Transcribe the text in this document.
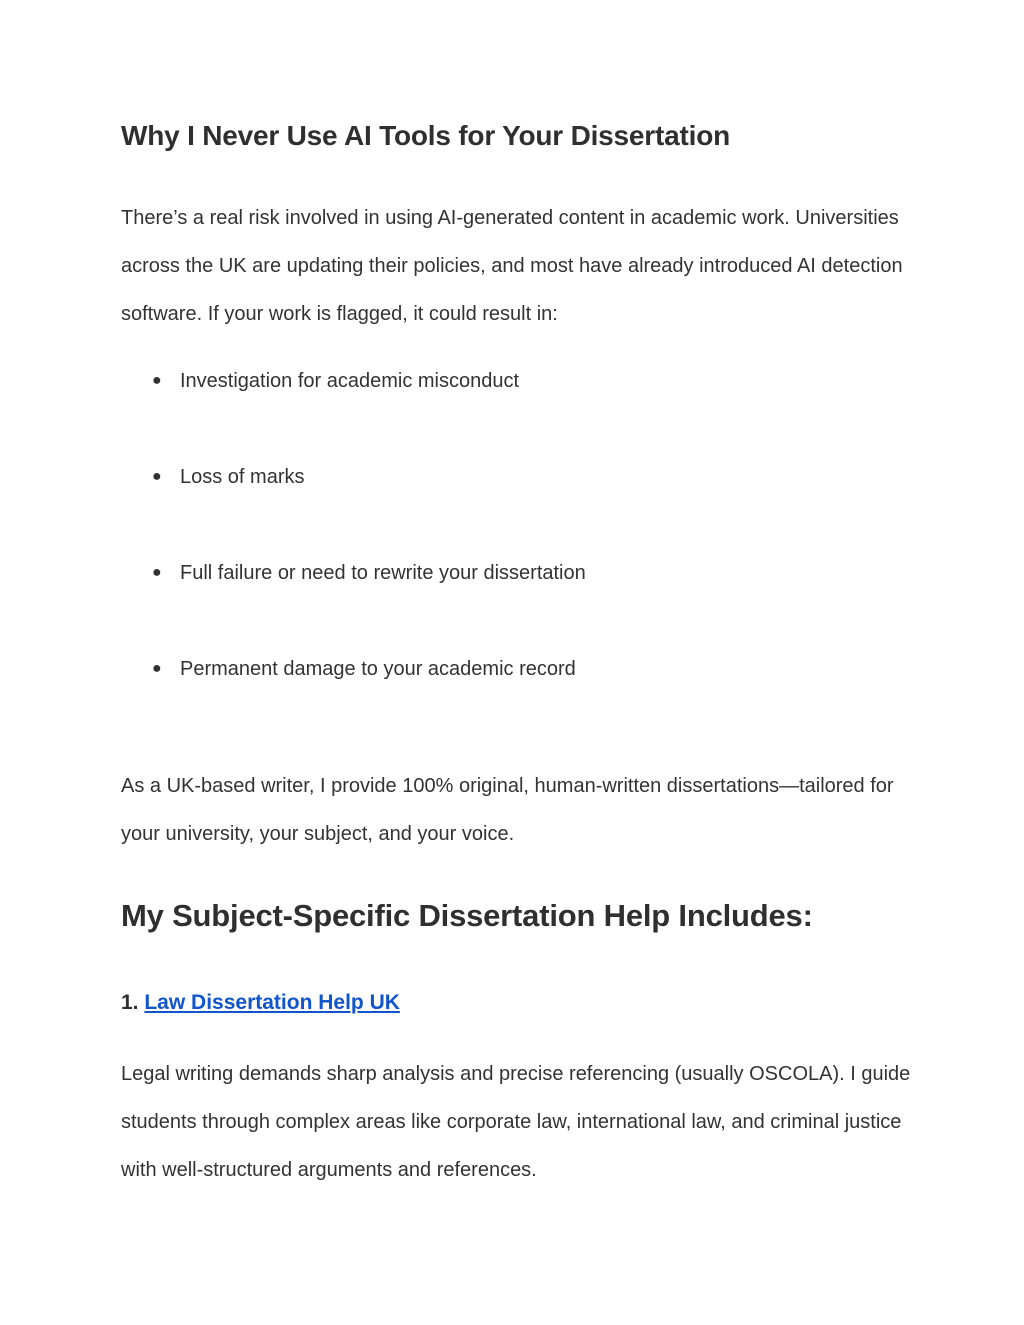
Why I Never Use AI Tools for Your Dissertation

There’s a real risk involved in using AI-generated content in academic work. Universities across the UK are updating their policies, and most have already introduced AI detection software. If your work is flagged, it could result in:

● Investigation for academic misconduct
● Loss of marks
● Full failure or need to rewrite your dissertation
● Permanent damage to your academic record

As a UK-based writer, I provide 100% original, human-written dissertations—tailored for your university, your subject, and your voice.

My Subject-Specific Dissertation Help Includes:
1. Law Dissertation Help UK

Legal writing demands sharp analysis and precise referencing (usually OSCOLA). I guide students through complex areas like corporate law, international law, and criminal justice with well-structured arguments and references.
